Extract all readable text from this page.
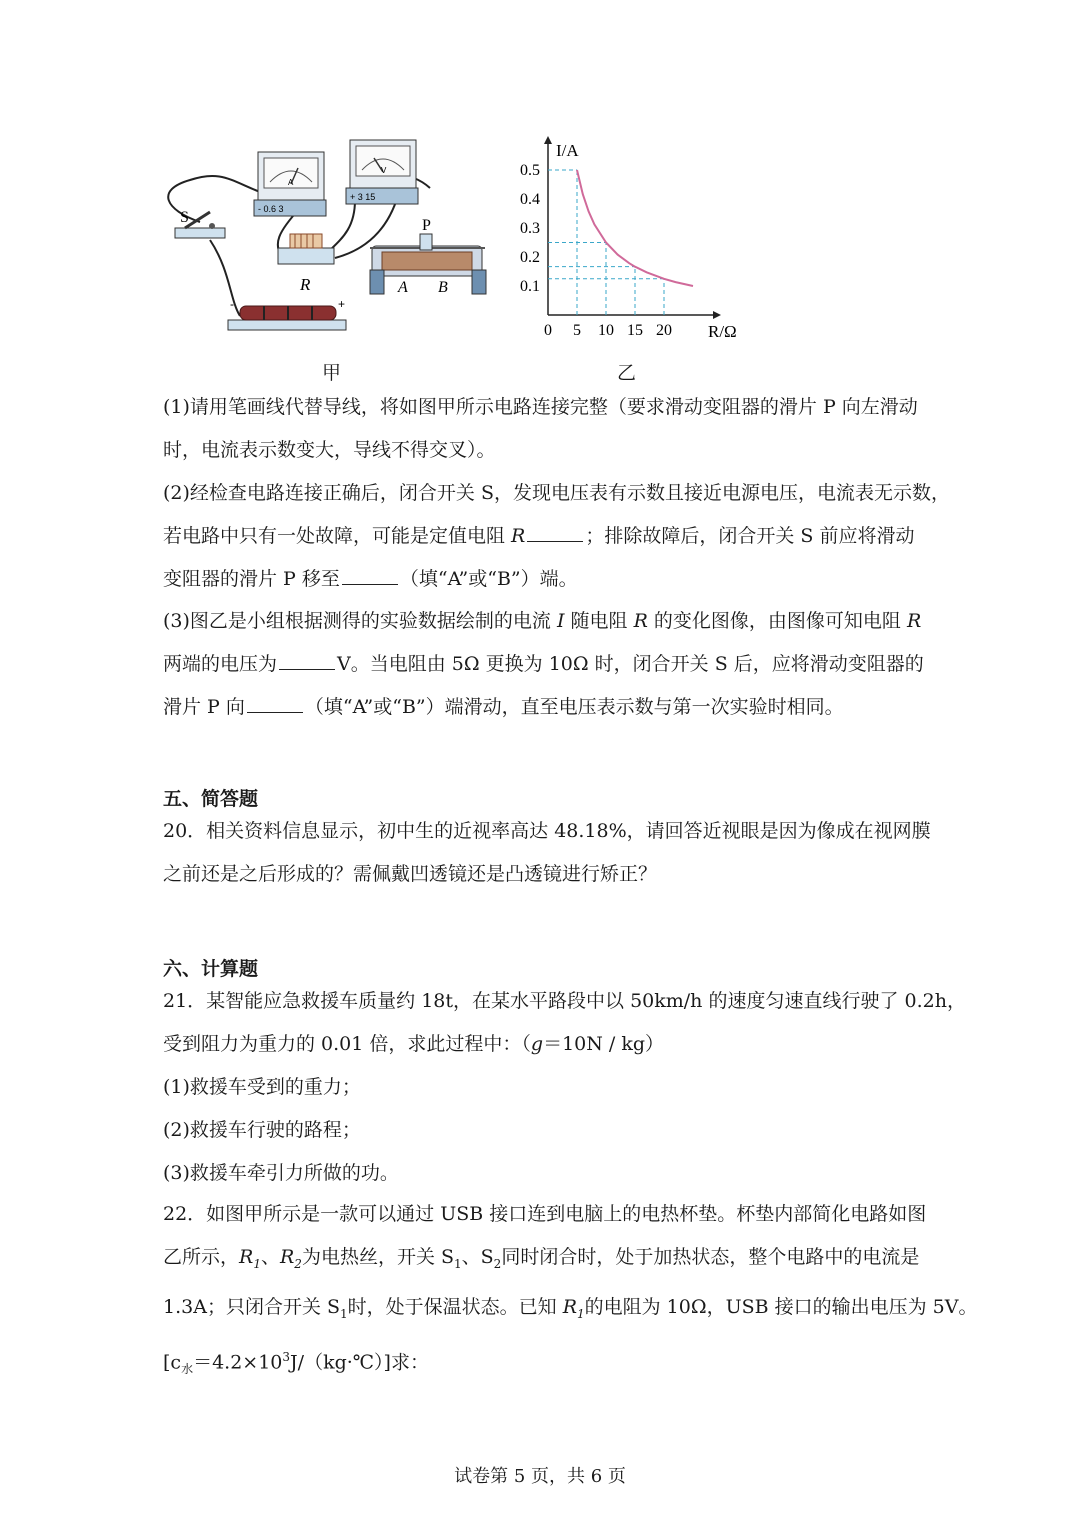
S
A
- 0.6 3
V
+ 3 15
R
P
A B
-	+
甲
0 5 10 15 20
0.1
0.2
0.3
0.4
0.5
I/A
R/Ω
乙
(1)请用笔画线代替导线，将如图甲所示电路连接完整（要求滑动变阻器的滑片 P 向左滑动
时，电流表示数变大，导线不得交叉）。
(2)经检查电路连接正确后，闭合开关 S，发现电压表有示数且接近电源电压，电流表无示数，
若电路中只有一处故障，可能是定值电阻 R	；排除故障后，闭合开关 S 前应将滑动
变阻器的滑片 P 移至	（填“A”或“B”）端。
(3)图乙是小组根据测得的实验数据绘制的电流 I 随电阻 R 的变化图像，由图像可知电阻 R
两端的电压为	V。当电阻由 5Ω 更换为 10Ω 时，闭合开关 S 后，应将滑动变阻器的
滑片 P 向	（填“A”或“B”）端滑动，直至电压表示数与第一次实验时相同。
五、简答题
20．相关资料信息显示，初中生的近视率高达 48.18%，请回答近视眼是因为像成在视网膜
之前还是之后形成的？需佩戴凹透镜还是凸透镜进行矫正？
六、计算题
21．某智能应急救援车质量约 18t，在某水平路段中以 50km/h 的速度匀速直线行驶了 0.2h，
受到阻力为重力的 0.01 倍，求此过程中：（g＝10N / kg）
(1)救援车受到的重力；
(2)救援车行驶的路程；
(3)救援车牵引力所做的功。
22．如图甲所示是一款可以通过 USB 接口连到电脑上的电热杯垫。杯垫内部简化电路如图
乙所示，$R_1$、$R_2$为电热丝，开关 $S_1$、$S_2$同时闭合时，处于加热状态，整个电路中的电流是
1.3A；只闭合开关 $S_1$时，处于保温状态。已知 $R_1$的电阻为 10Ω，USB 接口的输出电压为 5V。
$[c_水=4.2\times 10^3J/(kg\cdot℃)]$求：
试卷第 5 页，共 6 页
